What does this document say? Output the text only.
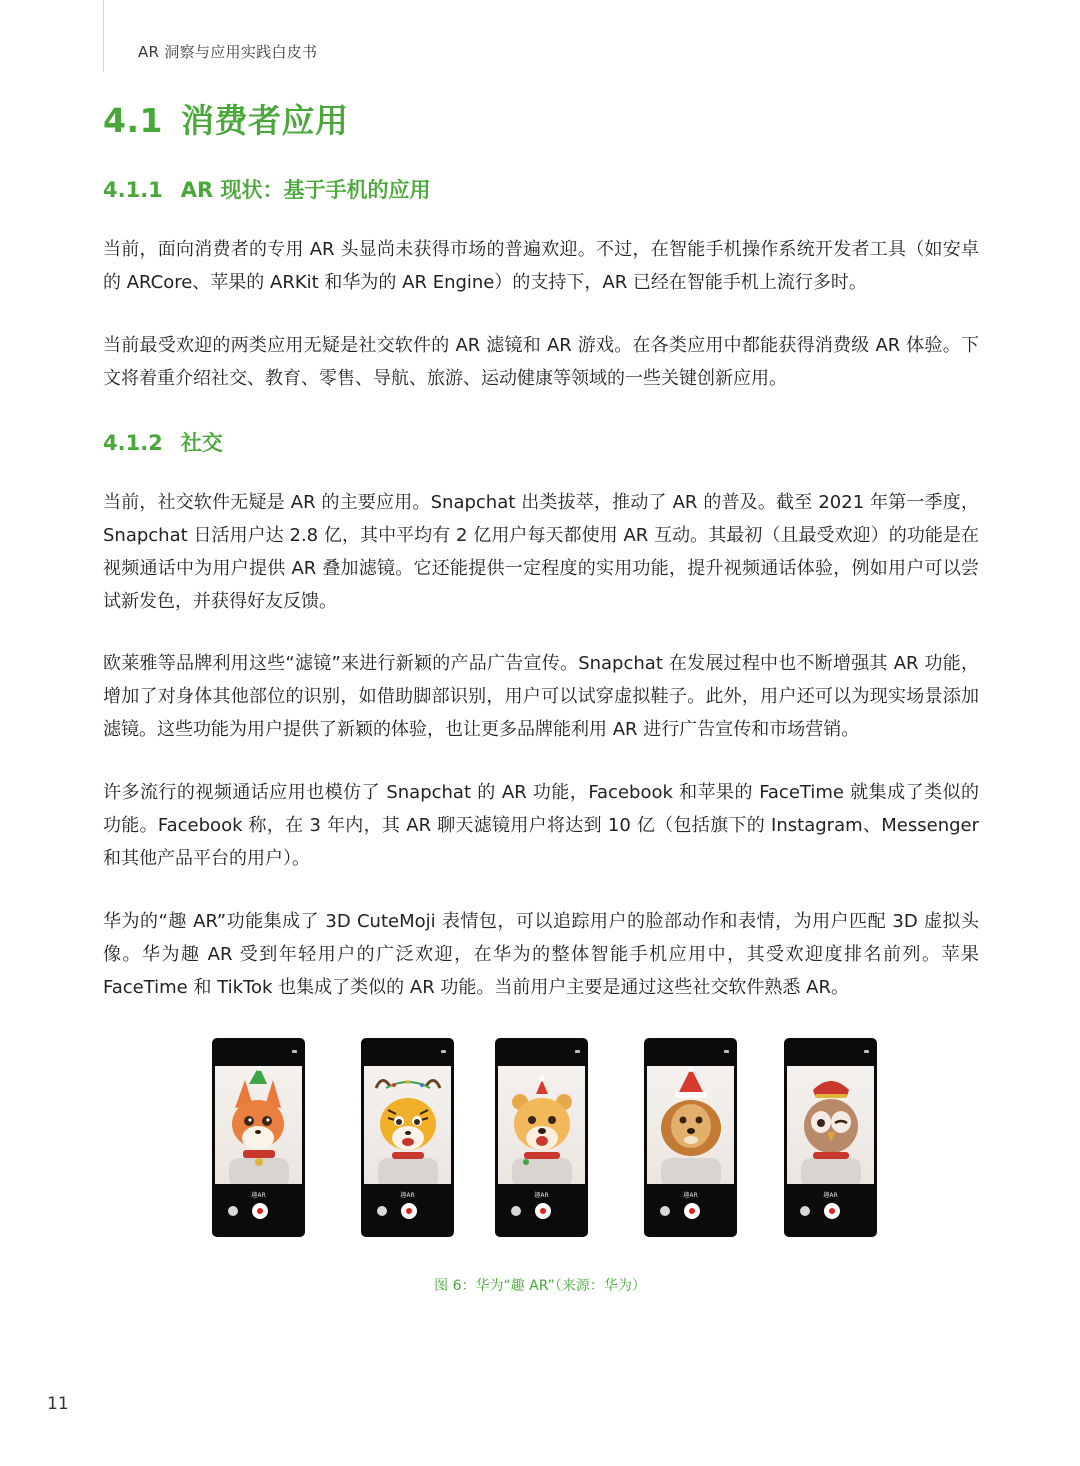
AR 洞察与应用实践白皮书
4.1 消费者应用
4.1.1 AR 现状：基于手机的应用

当前，面向消费者的专用 AR 头显尚未获得市场的普遍欢迎。不过，在智能手机操作系统开发者工具（如安卓的 ARCore、苹果的 ARKit 和华为的 AR Engine）的支持下，AR 已经在智能手机上流行多时。

当前最受欢迎的两类应用无疑是社交软件的 AR 滤镜和 AR 游戏。在各类应用中都能获得消费级 AR 体验。下文将着重介绍社交、教育、零售、导航、旅游、运动健康等领域的一些关键创新应用。

4.1.2 社交

当前，社交软件无疑是 AR 的主要应用。Snapchat 出类拔萃，推动了 AR 的普及。截至 2021 年第一季度，Snapchat 日活用户达 2.8 亿，其中平均有 2 亿用户每天都使用 AR 互动。其最初（且最受欢迎）的功能是在视频通话中为用户提供 AR 叠加滤镜。它还能提供一定程度的实用功能，提升视频通话体验，例如用户可以尝试新发色，并获得好友反馈。

欧莱雅等品牌利用这些“滤镜”来进行新颖的产品广告宣传。Snapchat 在发展过程中也不断增强其 AR 功能，增加了对身体其他部位的识别，如借助脚部识别，用户可以试穿虚拟鞋子。此外，用户还可以为现实场景添加滤镜。这些功能为用户提供了新颖的体验，也让更多品牌能利用 AR 进行广告宣传和市场营销。

许多流行的视频通话应用也模仿了 Snapchat 的 AR 功能，Facebook 和苹果的 FaceTime 就集成了类似的功能。Facebook 称，在 3 年内，其 AR 聊天滤镜用户将达到 10 亿（包括旗下的 Instagram、Messenger 和其他产品平台的用户）。

华为的“趣 AR”功能集成了 3D CuteMoji 表情包，可以追踪用户的脸部动作和表情，为用户匹配 3D 虚拟头像。华为趣 AR 受到年轻用户的广泛欢迎，在华为的整体智能手机应用中，其受欢迎度排名前列。苹果 FaceTime 和 TikTok 也集成了类似的 AR 功能。当前用户主要是通过这些社交软件熟悉 AR。

趣AR	趣AR	趣AR	趣AR	趣AR
图 6：华为“趣 AR”（来源：华为）
11
